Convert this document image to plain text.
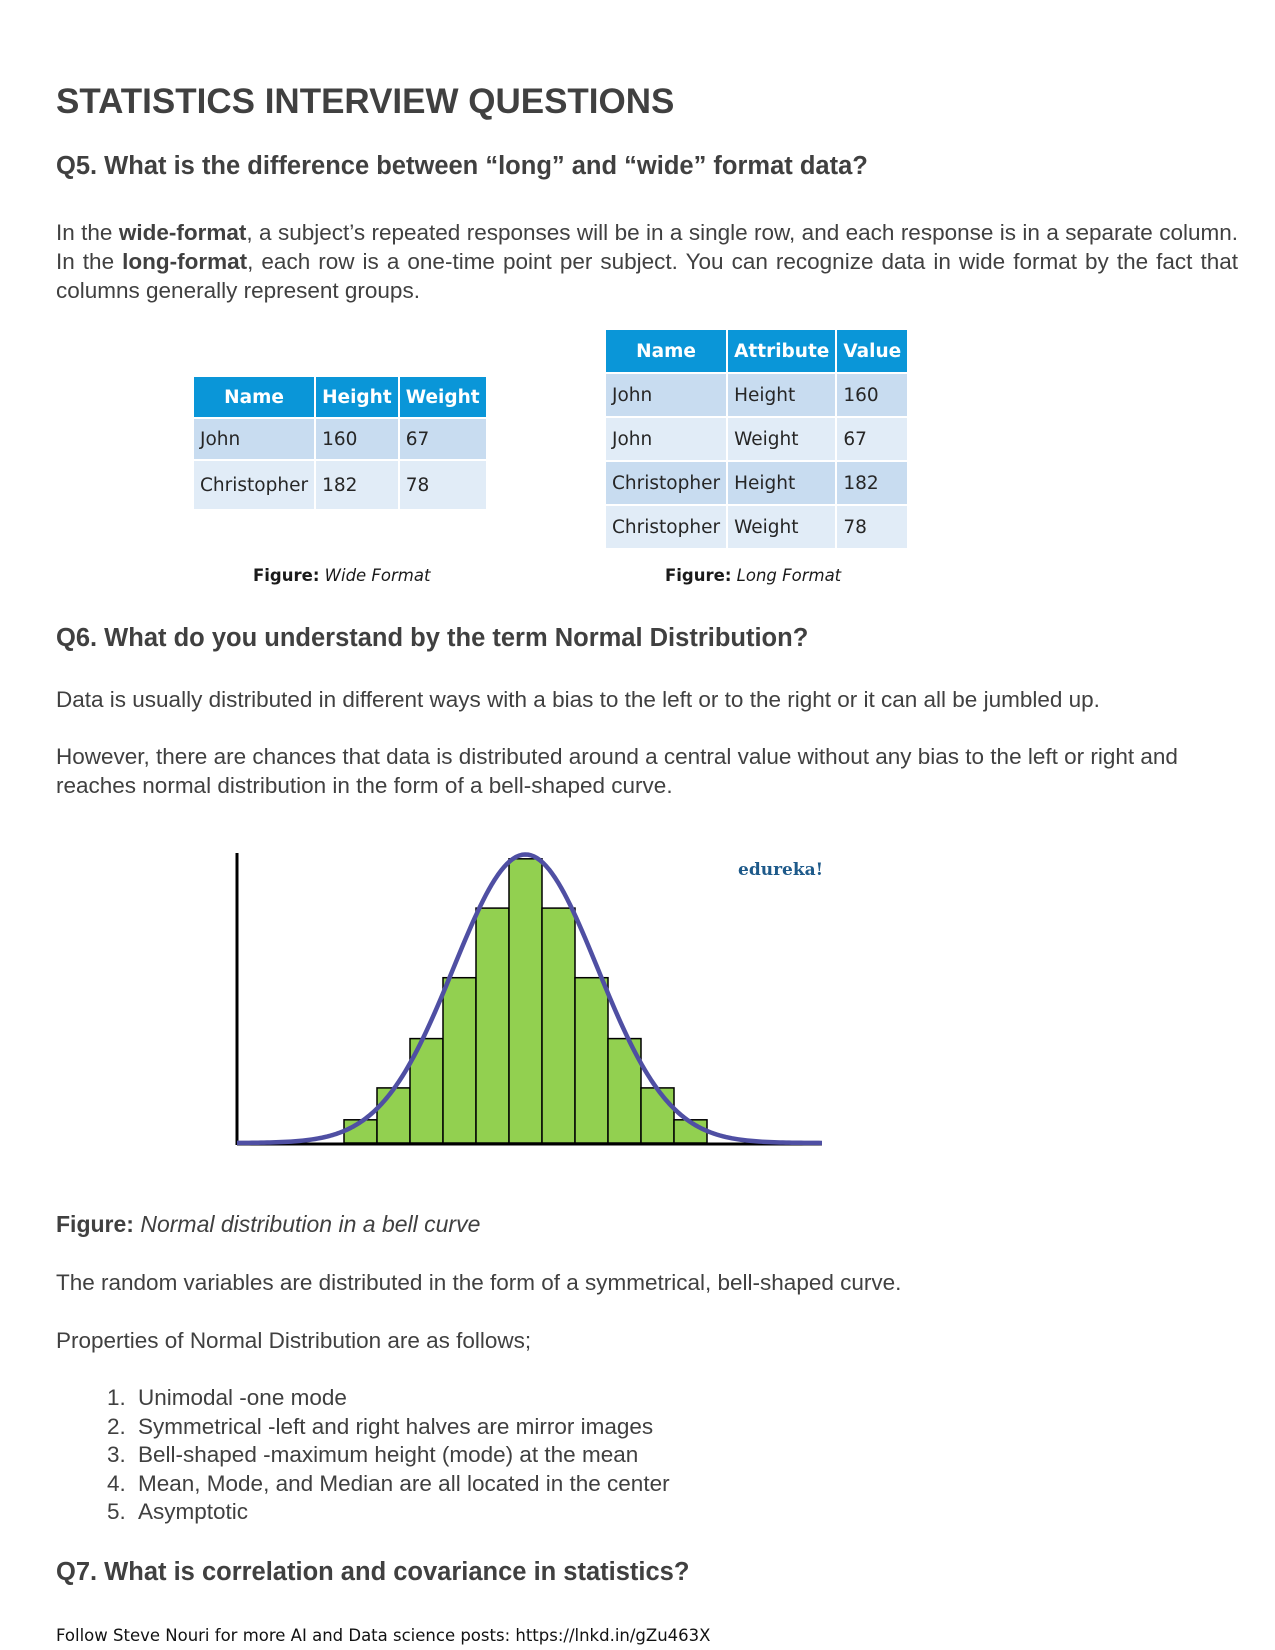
STATISTICS INTERVIEW QUESTIONS
Q5. What is the difference between “long” and “wide” format data?

In the wide-format, a subject’s repeated responses will be in a single row, and each response is in a separate column. In the long-format, each row is a one-time point per subject. You can recognize data in wide format by the fact that columns generally represent groups.

Name	Height	Weight
John	160	67
Christopher	182	78
Name	Attribute	Value
John	Height	160
John	Weight	67
Christopher	Height	182
Christopher	Weight	78
Figure: Wide Format	Figure: Long Format
Q6. What do you understand by the term Normal Distribution?

Data is usually distributed in different ways with a bias to the left or to the right or it can all be jumbled up.

However, there are chances that data is distributed around a central value without any bias to the left or right and reaches normal distribution in the form of a bell-shaped curve.

edureka!
Figure: Normal distribution in a bell curve

The random variables are distributed in the form of a symmetrical, bell-shaped curve.

Properties of Normal Distribution are as follows;

1. Unimodal -one mode
2. Symmetrical -left and right halves are mirror images
3. Bell-shaped -maximum height (mode) at the mean
4. Mean, Mode, and Median are all located in the center
5. Asymptotic
Q7. What is correlation and covariance in statistics?
Follow Steve Nouri for more AI and Data science posts: https://lnkd.in/gZu463X
